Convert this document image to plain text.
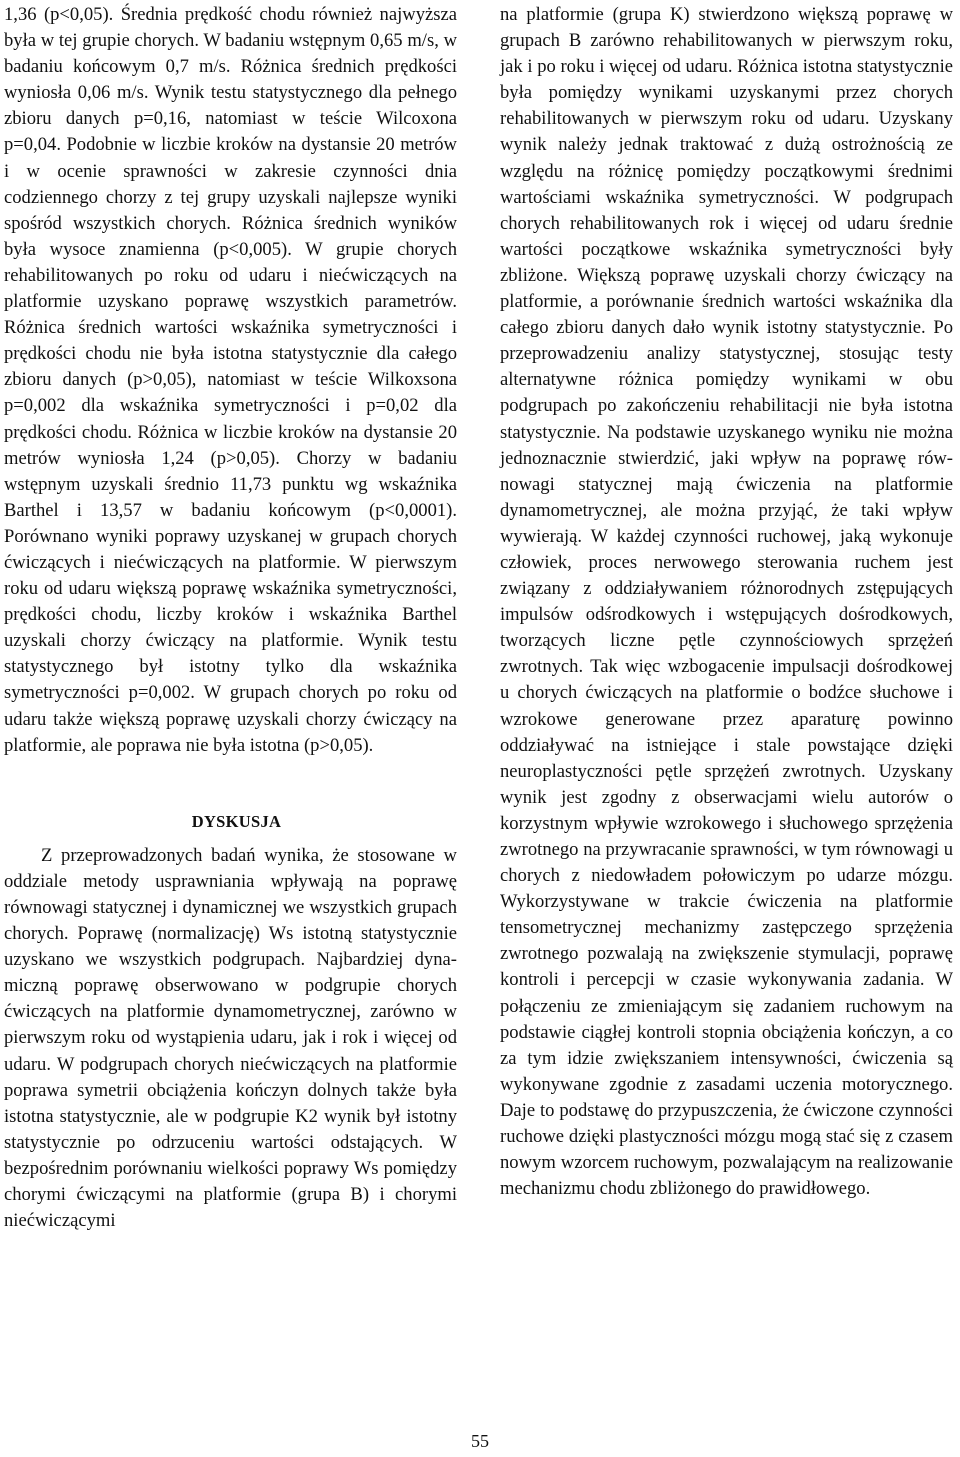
1,36 (p<0,05). Średnia prędkość chodu również najwyższa była w tej grupie chorych. W badaniu wstępnym 0,65 m/s, w badaniu końcowym 0,7 m/s. Różnica średnich prędkości wyniosła 0,06 m/s. Wynik testu statystycznego dla pełnego zbioru danych p=0,16, natomiast w teście Wilcoxona p=0,04. Podobnie w liczbie kroków na dystansie 20 metrów i w ocenie sprawności w zakresie czynności dnia codziennego chorzy z tej grupy uzyskali najlepsze wyniki spośród wszystkich chorych. Różnica średnich wyników była wysoce znamienna (p<0,005). W grupie chorych rehabilitowanych po roku od udaru i niećwiczących na platformie uzyskano poprawę wszystkich parametrów. Różnica średnich wartości wskaźnika symetryczności i prędkości chodu nie była istotna statystycznie dla całego zbioru danych (p>0,05), natomiast w teście Wilkoxsona p=0,002 dla wskaźnika symetryczności i p=0,02 dla prędkości chodu. Różnica w liczbie kroków na dystansie 20 metrów wyniosła 1,24 (p>0,05). Chorzy w badaniu wstępnym uzyskali średnio 11,73 punktu wg wskaźnika Barthel i 13,57 w badaniu końcowym (p<0,0001). Porównano wyniki poprawy uzyskanej w grupach chorych ćwiczących i niećwiczących na platformie. W pierwszym roku od udaru większą poprawę wskaźnika symetryczności, prędkości chodu, liczby kroków i wskaźnika Barthel uzyskali chorzy ćwiczący na platformie. Wynik testu statystycznego był istotny tylko dla wskaźnika symetryczności p=0,002. W grupach chorych po roku od udaru także większą poprawę uzyskali chorzy ćwiczący na platformie, ale poprawa nie była istotna (p>0,05).

DYSKUSJA

Z przeprowadzonych badań wynika, że stosowane w oddziale metody usprawniania wpływają na poprawę równowagi statycznej i dynamicznej we wszystkich grupach chorych. Poprawę (normalizację) Ws istotną statystycznie uzyskano we wszystkich podgrupach. Najbardziej dynamiczną poprawę obserwowano w podgrupie chorych ćwiczących na platformie dynamometrycznej, zarówno w pierwszym roku od wystąpienia udaru, jak i rok i więcej od udaru. W podgrupach chorych niećwiczących na platformie poprawa symetrii obciążenia kończyn dolnych także była istotna statystycznie, ale w podgrupie K2 wynik był istotny statystycznie po odrzuceniu wartości odstających. W bezpośrednim porównaniu wielkości poprawy Ws pomiędzy chorymi ćwiczącymi na platformie (grupa B) i chorymi niećwiczącymi

na platformie (grupa K) stwierdzono większą poprawę w grupach B zarówno rehabilitowanych w pierwszym roku, jak i po roku i więcej od udaru. Różnica istotna statystycznie była pomiędzy wynikami uzyskanymi przez chorych rehabilitowanych w pierwszym roku od udaru. Uzyskany wynik należy jednak traktować z dużą ostrożnością ze względu na różnicę pomiędzy początkowymi średnimi wartościami wskaźnika symetryczności. W podgrupach chorych rehabilitowanych rok i więcej od udaru średnie wartości początkowe wskaźnika symetryczności były zbliżone. Większą poprawę uzyskali chorzy ćwiczący na platformie, a porównanie średnich wartości wskaźnika dla całego zbioru danych dało wynik istotny statystycznie. Po przeprowadzeniu analizy statystycznej, stosując testy alternatywne różnica pomiędzy wynikami w obu podgrupach po zakończeniu rehabilitacji nie była istotna statystycznie. Na podstawie uzyskanego wyniku nie można jednoznacznie stwierdzić, jaki wpływ na poprawę równowagi statycznej mają ćwiczenia na platformie dynamometrycznej, ale można przyjąć, że taki wpływ wywierają. W każdej czynności ruchowej, jaką wykonuje człowiek, proces nerwowego sterowania ruchem jest związany z oddziaływaniem różnorodnych zstępujących impulsów odśrodkowych i wstępujących dośrodkowych, tworzących liczne pętle czynnościowych sprzężeń zwrotnych. Tak więc wzbogacenie impulsacji dośrodkowej u chorych ćwiczących na platformie o bodźce słuchowe i wzrokowe generowane przez aparaturę powinno oddziaływać na istniejące i stale powstające dzięki neuroplastyczności pętle sprzężeń zwrotnych. Uzyskany wynik jest zgodny z obserwacjami wielu autorów o korzystnym wpływie wzrokowego i słuchowego sprzężenia zwrotnego na przywracanie sprawności, w tym równowagi u chorych z niedowładem połowiczym po udarze mózgu. Wykorzystywane w trakcie ćwiczenia na platformie tensometrycznej mechanizmy zastępczego sprzężenia zwrotnego pozwalają na zwiększenie stymulacji, poprawę kontroli i percepcji w czasie wykonywania zadania. W połączeniu ze zmieniającym się zadaniem ruchowym na podstawie ciągłej kontroli stopnia obciążenia kończyn, a co za tym idzie zwiększaniem intensywności, ćwiczenia są wykonywane zgodnie z zasadami uczenia motorycznego. Daje to podstawę do przypuszczenia, że ćwiczone czynności ruchowe dzięki plastyczności mózgu mogą stać się z czasem nowym wzorcem ruchowym, pozwalającym na realizowanie mechanizmu chodu zbliżonego do prawidłowego.

55
